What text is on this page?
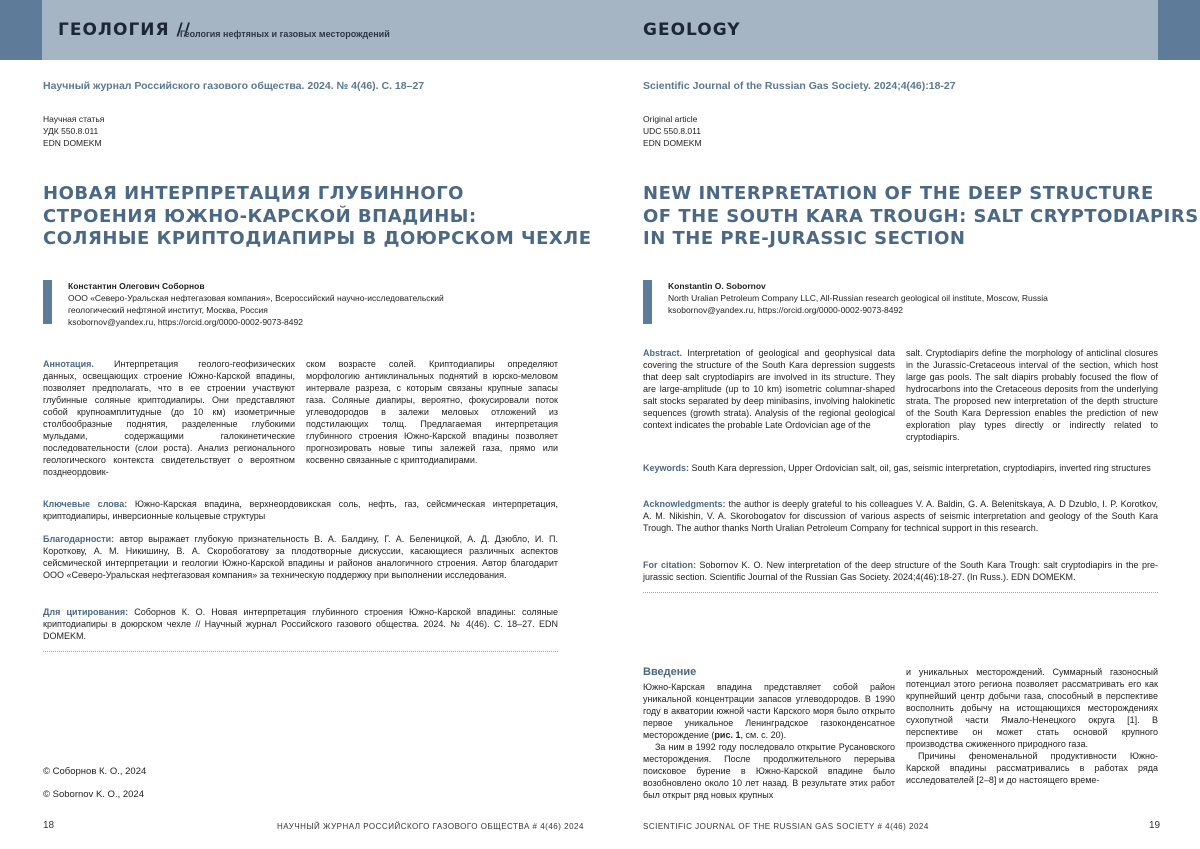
ГЕОЛОГИЯ //
Геология нефтяных и газовых месторождений
Научный журнал Российского газового общества. 2024. № 4(46). С. 18–27
Научная статья
УДК 550.8.011
EDN DOMEKM
НОВАЯ ИНТЕРПРЕТАЦИЯ ГЛУБИННОГО
СТРОЕНИЯ ЮЖНО-КАРСКОЙ ВПАДИНЫ:
СОЛЯНЫЕ КРИПТОДИАПИРЫ В ДОЮРСКОМ ЧЕХЛЕ
Константин Олегович Соборнов
ООО «Северо-Уральская нефтегазовая компания», Всероссийский научно-исследовательский
геологический нефтяной институт, Москва, Россия
ksobornov@yandex.ru, https://orcid.org/0000-0002-9073-8492
Аннотация. Интерпретация геолого-геофизических данных, освещающих строение Южно-Карской впадины, позволяет предполагать, что в ее строении участвуют глубинные соляные криптодиапиры. Они представляют собой крупноамплитудные (до 10 км) изометричные столбообразные поднятия, разделенные глубокими мульдами, содержащими галокинетические последовательности (слои роста). Анализ регионального геологического контекста свидетельствует о вероятном позднеордовик-
ском возрасте солей. Криптодиапиры определяют морфологию антиклинальных поднятий в юрско-меловом интервале разреза, с которым связаны крупные запасы газа. Соляные диапиры, вероятно, фокусировали поток углеводородов в залежи меловых отложений из подстилающих толщ. Предлагаемая интерпретация глубинного строения Южно-Карской впадины позволяет прогнозировать новые типы залежей газа, прямо или косвенно связанные с криптодиапирами.
Ключевые слова: Южно-Карская впадина, верхнеордовикская соль, нефть, газ, сейсмическая интерпретация, криптодиапиры, инверсионные кольцевые структуры
Благодарности: автор выражает глубокую признательность В. А. Балдину, Г. А. Беленицкой, А. Д. Дзюбло, И. П. Короткову, А. М. Никишину, В. А. Скоробогатову за плодотворные дискуссии, касающиеся различных аспектов сейсмической интерпретации и геологии Южно-Карской впадины и районов аналогичного строения. Автор благодарит ООО «Северо-Уральская нефтегазовая компания» за техническую поддержку при выполнении исследования.
Для цитирования: Соборнов К. О. Новая интерпретация глубинного строения Южно-Карской впадины: соляные криптодиапиры в доюрском чехле // Научный журнал Российского газового общества. 2024. № 4(46). С. 18–27. EDN DOMEKM.
© Соборнов К. О., 2024
© Sobornov K. O., 2024
18	НАУЧНЫЙ ЖУРНАЛ РОССИЙСКОГО ГАЗОВОГО ОБЩЕСТВА # 4(46) 2024
GEOLOGY
Scientific Journal of the Russian Gas Society. 2024;4(46):18-27
Original article
UDC 550.8.011
EDN DOMEKM
NEW INTERPRETATION OF THE DEEP STRUCTURE
OF THE SOUTH KARA TROUGH: SALT CRYPTODIAPIRS
IN THE PRE-JURASSIC SECTION
Konstantin O. Sobornov
North Uralian Petroleum Company LLC, All-Russian research geological oil institute, Moscow, Russia
ksobornov@yandex.ru, https://orcid.org/0000-0002-9073-8492
Abstract. Interpretation of geological and geophysical data covering the structure of the South Kara depression suggests that deep salt cryptodiapirs are involved in its structure. They are large-amplitude (up to 10 km) isometric columnar-shaped salt stocks separated by deep minibasins, involving halokinetic sequences (growth strata). Analysis of the regional geological context indicates the probable Late Ordovician age of the
salt. Cryptodiapirs define the morphology of anticlinal closures in the Jurassic-Cretaceous interval of the section, which host large gas pools. The salt diapirs probably focused the flow of hydrocarbons into the Cretaceous deposits from the underlying strata. The proposed new interpretation of the depth structure of the South Kara Depression enables the prediction of new exploration play types directly or indirectly related to cryptodiapirs.
Keywords: South Kara depression, Upper Ordovician salt, oil, gas, seismic interpretation, cryptodiapirs, inverted ring structures
Acknowledgments: the author is deeply grateful to his colleagues V. A. Baldin, G. A. Belenitskaya, A. D Dzublo, I. P. Korotkov, A. M. Nikishin, V. A. Skorobogatov for discussion of various aspects of seismic interpretation and geology of the South Kara Trough. The author thanks North Uralian Petroleum Company for technical support in this research.
For citation: Sobornov K. O. New interpretation of the deep structure of the South Kara Trough: salt cryptodiapirs in the pre-jurassic section. Scientific Journal of the Russian Gas Society. 2024;4(46):18-27. (In Russ.). EDN DOMEKM.
Введение

Южно-Карская впадина представляет собой район уникальной концентрации запасов углеводородов. В 1990 году в акватории южной части Карского моря было открыто первое уникальное Ленинградское газоконденсатное месторождение (рис. 1, см. с. 20).

За ним в 1992 году последовало открытие Русановского месторождения. После продолжительного перерыва поисковое бурение в Южно-Карской впадине было возобновлено около 10 лет назад. В результате этих работ был открыт ряд новых крупных

и уникальных месторождений. Суммарный газоносный потенциал этого региона позволяет рассматривать его как крупнейший центр добычи газа, способный в перспективе восполнить добычу на истощающихся месторождениях сухопутной части Ямало-Ненецкого округа [1]. В перспективе он может стать основой крупного производства сжиженного природного газа.

Причины феноменальной продуктивности Южно-Карской впадины рассматривались в работах ряда исследователей [2–8] и до настоящего време-

SCIENTIFIC JOURNAL OF THE RUSSIAN GAS SOCIETY # 4(46) 2024	19
